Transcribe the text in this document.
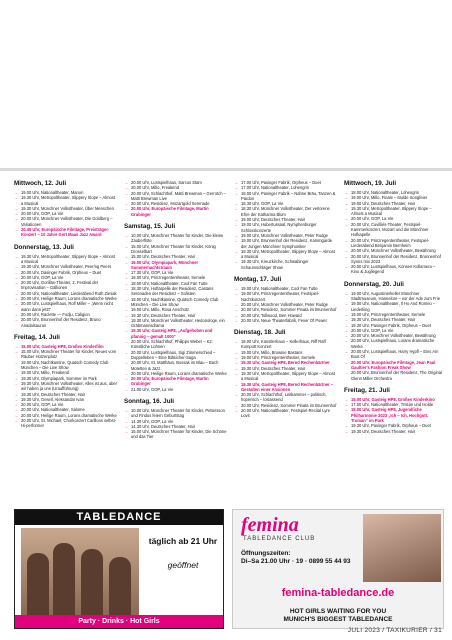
Mittwoch, 12. Juli
→ 19.00 Uhr, Nationaltheater, Manon
→ 19.30 Uhr, Metropoltheater, Slippery Slope – Almost a Musical
→ 19.30 Uhr, Münchner Volkstheater, Über Menschen
→ 20.00 Uhr, GOP, La Vie
→ 20.00 Uhr, Münchner Volkstheater, Die Goldberg – Variationen
→ 20.45 Uhr, Europäische Filmtage, Preisträger-Konzert – 10 Jahre Gert Maas Jazz Award
Donnerstag, 13. Juli
→ 19.30 Uhr, Metropoltheater, Slippery Slope – Almost a Musical
→ 19.30 Uhr, Münchner Volkstheater, Peer/ng Peers
→ 20.00 Uhr, Dasinger Fabrik, Orpheus – Duet
→ 20.00 Uhr, GOP, La Vie
→ 20.00 Uhr, Gorillas-Theater, 2. Festival der Improvisation – Gallionen
→ 20.00 Uhr, Nationaltheater, Liederabend Ruth Ziesak
→ 20.00 Uhr, Heilige Raum, Lorans dramatische Werke
→ 20.00 Uhr, Lustspielhaus, Rolf Miller – „Wenn nicht wann dann jetzt“
→ 20.00 Uhr, Raclette — Fodju, Caligion
→ 20.00 Uhr, Brunnenhof der Residenz, Bruno Anadalsaurus
Freitag, 14. Juli
→ 15.00 Uhr, Gasteig HP8, Großes Kinderfilm
→ 15.00 Uhr, Münchner Theater für Kinder, Neues vom Räuber Hotzenplotz
→ 19.00 Uhr, Nachtkantine, Quatsch Comedy Club München – Die Live Show
→ 19.00 Uhr, Millo, Freakend
→ 19.30 Uhr, Olympiapark, Sommer im Park
→ 19.30 Uhr, Münchner Volkstheater, Alles ist aus, aber wir haben ja uns (Uraufführung)
→ 19.30 Uhr, Deutsches Theater, Hair
→ 19.30 Uhr, Gesell, Aleksandar Ivan
→ 20.00 Uhr, GOP, La Vie
→ 20.00 Uhr, Nationaltheater, Salome
→ 20.00 Uhr, Heilige Raum, Lorans dramatische Werke
→ 20.00 Uhr, St. Michael, Chorkonzert Carillons selbst-Hi-performer
→ 20.00 Uhr, Lustspielhaus, Sarcus Stam
→ 20.00 Uhr, Millo, Freakend
→ 20.00 Uhr, Schlachthof, Matti Brewman – Gerrotch – Matti Brewman Live
→ 20.00 Uhr, Residenz, Mozartgold Serenade
→ 20.00 Uhr, Europäische Filmtage, Martin Grubinger
Samstag, 15. Juli
→ 10.00 Uhr, Münchner Theater für Kinder, Die kleine Zauberflöte
→ 15.00 Uhr, Münchner Theater für Kinder, König Drosselbart
→ 15.00 Uhr, Deutsches Theater, Hair
→ 16.00 Uhr, Olympiapark, Münchner Sommernachtstraum
→ 17.30 Uhr, GOP, La Vie
→ 18.00 Uhr, Prinzregententheater, Semele
→ 18.00 Uhr, Nationaltheater, Cool Fan Tutte
→ 18.30 Uhr, Hoftarpelle der Residenz, Castans Serenaden der Residenz – Solisten
→ 19.00 Uhr, Nachtkantine, Quatsch Comedy Club München – Die Live Show
→ 19.00 Uhr, Millo, Rosa Anschütz
→ 19.30 Uhr, Deutsches Theater, Hair
→ 19.30 Uhr, Münchner Volkstheater, Hedonologe, ein Gräbmannsdrama
→ 19.30 Uhr, Gasteig HP8, „Aufgehoben und pfannig – gemalt 1000“
→ 20.00 Uhr, Schlachthof, Philipps Weber – K2: Künstliche Lühnen
→ 20.00 Uhr, Lustspielhaus, Sigi Zimmerschied – Doppelleben – Eine Bläsicher-Saga
→ 20.00 Uhr, St. Matthäus, Bossak im Blau – Bach Motetten & Jazz
→ 20.00 Uhr, Heilige Raum, Lorans dramatische Werke
→ 20.00 Uhr, Europäische Filmtage, Martin Grubinger
→ 21.00 Uhr, GOP, La Vie
Sonntag, 16. Juli
→ 10.00 Uhr, Münchner Theater für Kinder, Pettersson und Findus feiern Geburtstag
→ 14.30 Uhr, GOP, La Vie
→ 14.30 Uhr, Deutsches Theater, Hair
→ 15.00 Uhr, Münchner Theater für Kinder, Die Schöne und das Tier
→ 17.00 Uhr, Pasinger Fabrik, Orpheus – Duet
→ 17.00 Uhr, Nationaltheater, Lohengrin
→ 18.00 Uhr, Pasinger Fabrik – Nahne Bräu, Tanzen & Pardon
→ 18.30 Uhr, GOP, La Vie
→ 18.30 Uhr, Münchner Volkstheater, Der verlorene Ehre der Katharina Blum
→ 19.00 Uhr, Deutsches Theater, Hair
→ 19.00 Uhr, Hubertussaal, Nymphenburger Schlosskonzerte
→ 19.00 Uhr, Münchner Volkstheater, Peter Rudge
→ 19.00 Uhr, Brunnenhof der Residenz, Kammgarde der Jungen Münchner Symphoniker
→ 19.30 Uhr, Metropoltheater, Slippery Slope – Almost a Musical
→ 19.30 Uhr, Kreuzkirche, Schwabinger Schaumschläger Show
Montag, 17. Juli
→ 19.00 Uhr, Nationaltheater, Cool Fan Tutte
→ 19.00 Uhr, Prinzregententheater, Festspiel-Nachtkonzert
→ 20.00 Uhr, Münchner Volkstheater, Peter Rudge
→ 20.00 Uhr, Residenz, Sommer Pinata im Brunnenhof
→ 20.00 Uhr, Tollwood, Ben Howard
→ 20.00 Uhr, Neue Theaterfabrik, Fever Of Power
Dienstag, 18. Juli
→ 19.00 Uhr, Künstlerhaus – Kellerhaus, Riff Raff Kompott Konzert
→ 19.00 Uhr, Millo, Brownie Bastans
→ 19.00 Uhr, Prinzregententheater, Semele
→ 19.30 Uhr, Gasteig HP8, Bernd Rechenbärtner
→ 19.30 Uhr, Deutsches Theater, Hair
→ 19.30 Uhr, Metropoltheater, Slippery Slope – Almost a Musical
→ 19.30 Uhr, Gasteig HP8, Bernd Rechenbärtner – Gestalten einer Ansinnen
→ 20.00 Uhr, Schlachthof, Leitkammer – politisch, hoperisch – loslassend
→ 20.00 Uhr, Residenz, Sommer Pinata im Brunnenhof
→ 20.00 Uhr, Nationaltheater, Festspiel-Recital Lyre Lovit
Mittwoch, 19. Juli
→ 18.00 Uhr, Nationaltheater, Lohengrin
→ 19.00 Uhr, Millo, Finale – Molde Songfeier
→ 19.00 Uhr, Deutsches Theater, Hair
→ 19.30 Uhr, Metropoltheater, Slippery Slope – Almost a Musical
→ 20.00 Uhr, GOP, La Vie
→ 20.00 Uhr, Cuvilliés-Theater, Festspiel-Kammerkonzert, Mozart und die Münchner Hofkapelle
→ 20.00 Uhr, Prinzregententheater, Festspiel-Liederabend Benjamin Bernheim
→ 20.00 Uhr, Münchner Volkstheater, Bewährung
→ 20.00 Uhr, Brunnenhof der Residenz, Brunnenhof Syons mix 2023
→ 20.00 Uhr, Lustspielhaus, Konsen Kollamera – Kino & Jugliegend
Donnerstag, 20. Juli
→ 19.00 Uhr, Augustinerkeller Münchner Stadtmuseum, Hannelore – vor der Ade zum Frie
→ 19.00 Uhr, Nationaltheater, Il Ho And Romeo – Liederliing
→ 19.00 Uhr, Prinzregententheater, Semele
→ 19.30 Uhr, Deutsches Theater, Hair
→ 19.30 Uhr, Pasinger Fabrik, Orpheus – Duet
→ 20.00 Uhr, GOP, La Vie
→ 20.00 Uhr, Münchner Volkstheater, Bewährung
→ 20.00 Uhr, Lustspielhaus, Lorans dramatische Werke
→ 20.00 Uhr, Lustspielhaus, Harry Hypfl – Eins Am Boot Of
→ 20.00 Uhr, Europäische Filmtage, Jean Paul Gaultier's Fashion Freak Show
→ 20.00 Uhr, Brunnenhof der Residenz, The Original Glenn Miller Orchestra
Freitag, 21. Juli
→ 15.00 Uhr, Gasteig HP8, Großes Kinderkino
→ 17.00 Uhr, Nationaltheater, Tristan und Isolde
→ 19.00 Uhr, Gasteig HP8, Jugendliche Philharmonie 2023 „Ich – Ich, Hochgott, Truman“ im Park
→ 19.30 Uhr, Pasinger Fabrik, Orpheus – Duet
→ 19.30 Uhr, Deutsches Theater, Hair
TABLEDANCE
täglich ab 21 Uhr
geöffnet
Party · Drinks · Hot Girls
femina
TABLEDANCE CLUB
Öffnungszeiten:
Di–Sa 21.00 Uhr · 19 · 0899 55 44 93
femina-tabledance.de
HOT GIRLS WAITING FOR YOU
MUNICH'S BIGGEST TABLEDANCE
JULI 2023 / TAXIKURIER / 31
